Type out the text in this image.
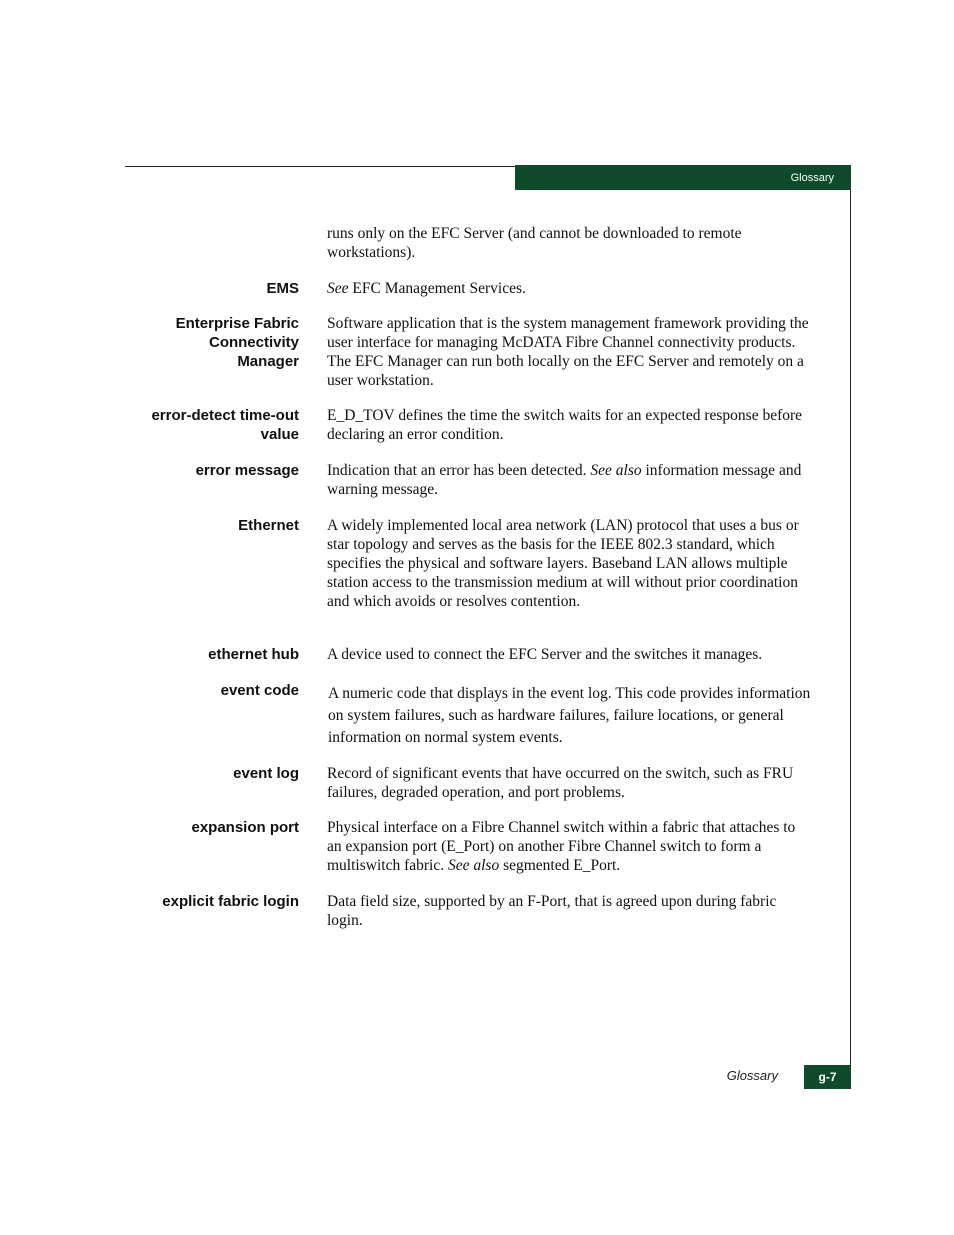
Glossary
runs only on the EFC Server (and cannot be downloaded to remote workstations).
EMS See EFC Management Services.
Enterprise Fabric
Connectivity
Manager
Software application that is the system management framework providing the user interface for managing McDATA Fibre Channel connectivity products. The EFC Manager can run both locally on the EFC Server and remotely on a user workstation.
error-detect time-out
value
E_D_TOV defines the time the switch waits for an expected response before declaring an error condition.
error message Indication that an error has been detected. See also information message and warning message.
Ethernet A widely implemented local area network (LAN) protocol that uses a bus or star topology and serves as the basis for the IEEE 802.3 standard, which specifies the physical and software layers. Baseband LAN allows multiple station access to the transmission medium at will without prior coordination and which avoids or resolves contention.
ethernet hub A device used to connect the EFC Server and the switches it manages.
event code A numeric code that displays in the event log. This code provides information on system failures, such as hardware failures, failure locations, or general information on normal system events.
event log Record of significant events that have occurred on the switch, such as FRU failures, degraded operation, and port problems.
expansion port Physical interface on a Fibre Channel switch within a fabric that attaches to an expansion port (E_Port) on another Fibre Channel switch to form a multiswitch fabric. See also segmented E_Port.
explicit fabric login Data field size, supported by an F-Port, that is agreed upon during fabric login.
Glossary	g-7
